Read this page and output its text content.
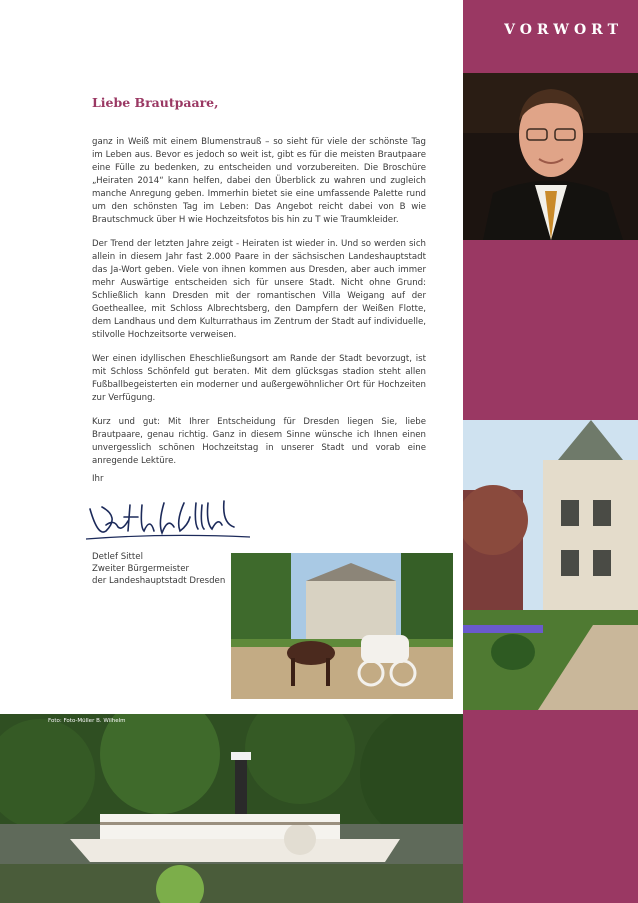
VORWORT
Foto: Foto-Müller B. Wilhelm
Liebe Brautpaare,

ganz in Weiß mit einem Blumenstrauß – so sieht für viele der schönste Tag im Leben aus. Bevor es jedoch so weit ist, gibt es für die meisten Brautpaare eine Fülle zu bedenken, zu entscheiden und vorzubereiten. Die Broschüre „Heiraten 2014“ kann helfen, dabei den Überblick zu wahren und zugleich manche Anregung geben. Immerhin bietet sie eine umfassende Palette rund um den schönsten Tag im Leben: Das Angebot reicht dabei von B wie Brautschmuck über H wie Hochzeitsfotos bis hin zu T wie Traumkleider.

Der Trend der letzten Jahre zeigt - Heiraten ist wieder in. Und so werden sich allein in diesem Jahr fast 2.000 Paare in der sächsischen Landeshauptstadt das Ja-Wort geben. Viele von ihnen kommen aus Dresden, aber auch immer mehr Auswärtige entscheiden sich für unsere Stadt. Nicht ohne Grund: Schließlich kann Dresden mit der romantischen Villa Weigang auf der Goetheallee, mit Schloss Albrechtsberg, den Dampfern der Weißen Flotte, dem Landhaus und dem Kulturrathaus im Zentrum der Stadt auf individuelle, stilvolle Hochzeitsorte verweisen.

Wer einen idyllischen Eheschließungsort am Rande der Stadt bevorzugt, ist mit Schloss Schönfeld gut beraten. Mit dem glücksgas stadion steht allen Fußballbegeisterten ein moderner und außergewöhnlicher Ort für Hochzeiten zur Verfügung.

Kurz und gut: Mit Ihrer Entscheidung für Dresden liegen Sie, liebe Brautpaare, genau richtig. Ganz in diesem Sinne wünsche ich Ihnen einen unvergesslich schönen Hochzeitstag in unserer Stadt und vorab eine anregende Lektüre.

Ihr
Detlef Sittel
Zweiter Bürgermeister
der Landeshauptstadt Dresden
